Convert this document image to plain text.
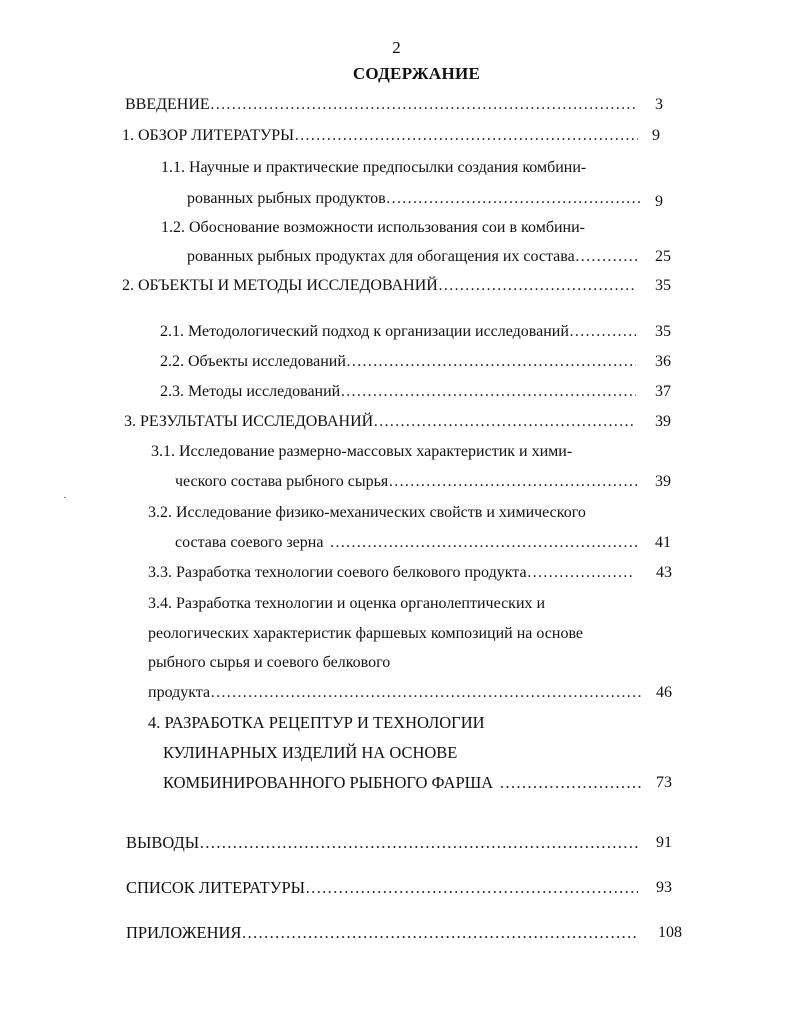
2
СОДЕРЖАНИЕ
ВВЕДЕНИЕ ……………………………………………………………………………………………………………………………………………………………………………………………………	3
1. ОБЗОР ЛИТЕРАТУРЫ ……………………………………………………………………………………………………………………………………………………………………………………………………	9
1.1. Научные и практические предпосылки создания комбини-
рованных рыбных продуктов ……………………………………………………………………………………………………………………………………………………………………………………………………	9
1.2. Обоснование возможности использования сои в комбини-
рованных рыбных продуктах для обогащения их состава ……………………………………………………………………………………………………………………………………………………………………………………………………	25
2. ОБЪЕКТЫ И МЕТОДЫ ИССЛЕДОВАНИЙ ……………………………………………………………………………………………………………………………………………………………………………………………………	35
2.1. Методологический подход к организации исследований ……………………………………………………………………………………………………………………………………………………………………………………………………	35
2.2. Объекты исследований ……………………………………………………………………………………………………………………………………………………………………………………………………	36
2.3. Методы исследований ……………………………………………………………………………………………………………………………………………………………………………………………………	37
3. РЕЗУЛЬТАТЫ ИССЛЕДОВАНИЙ ……………………………………………………………………………………………………………………………………………………………………………………………………	39
3.1. Исследование размерно-массовых характеристик и хими-
ческого состава рыбного сырья ……………………………………………………………………………………………………………………………………………………………………………………………………	39
3.2. Исследование физико-механических свойств и химического
состава соевого зерна ……………………………………………………………………………………………………………………………………………………………………………………………………	41
3.3. Разработка технологии соевого белкового продукта ……………………………………………………………………………………………………………………………………………………………………………………………………	43
3.4. Разработка технологии и оценка органолептических и
реологических характеристик фаршевых композиций на основе
рыбного сырья и соевого белкового
продукта ……………………………………………………………………………………………………………………………………………………………………………………………………	46
4. РАЗРАБОТКА РЕЦЕПТУР И ТЕХНОЛОГИИ
КУЛИНАРНЫХ ИЗДЕЛИЙ НА ОСНОВЕ
КОМБИНИРОВАННОГО РЫБНОГО ФАРША ……………………………………………………………………………………………………………………………………………………………………………………………………	73
ВЫВОДЫ ……………………………………………………………………………………………………………………………………………………………………………………………………	91
СПИСОК ЛИТЕРАТУРЫ ……………………………………………………………………………………………………………………………………………………………………………………………………	93
ПРИЛОЖЕНИЯ ……………………………………………………………………………………………………………………………………………………………………………………………………	108
